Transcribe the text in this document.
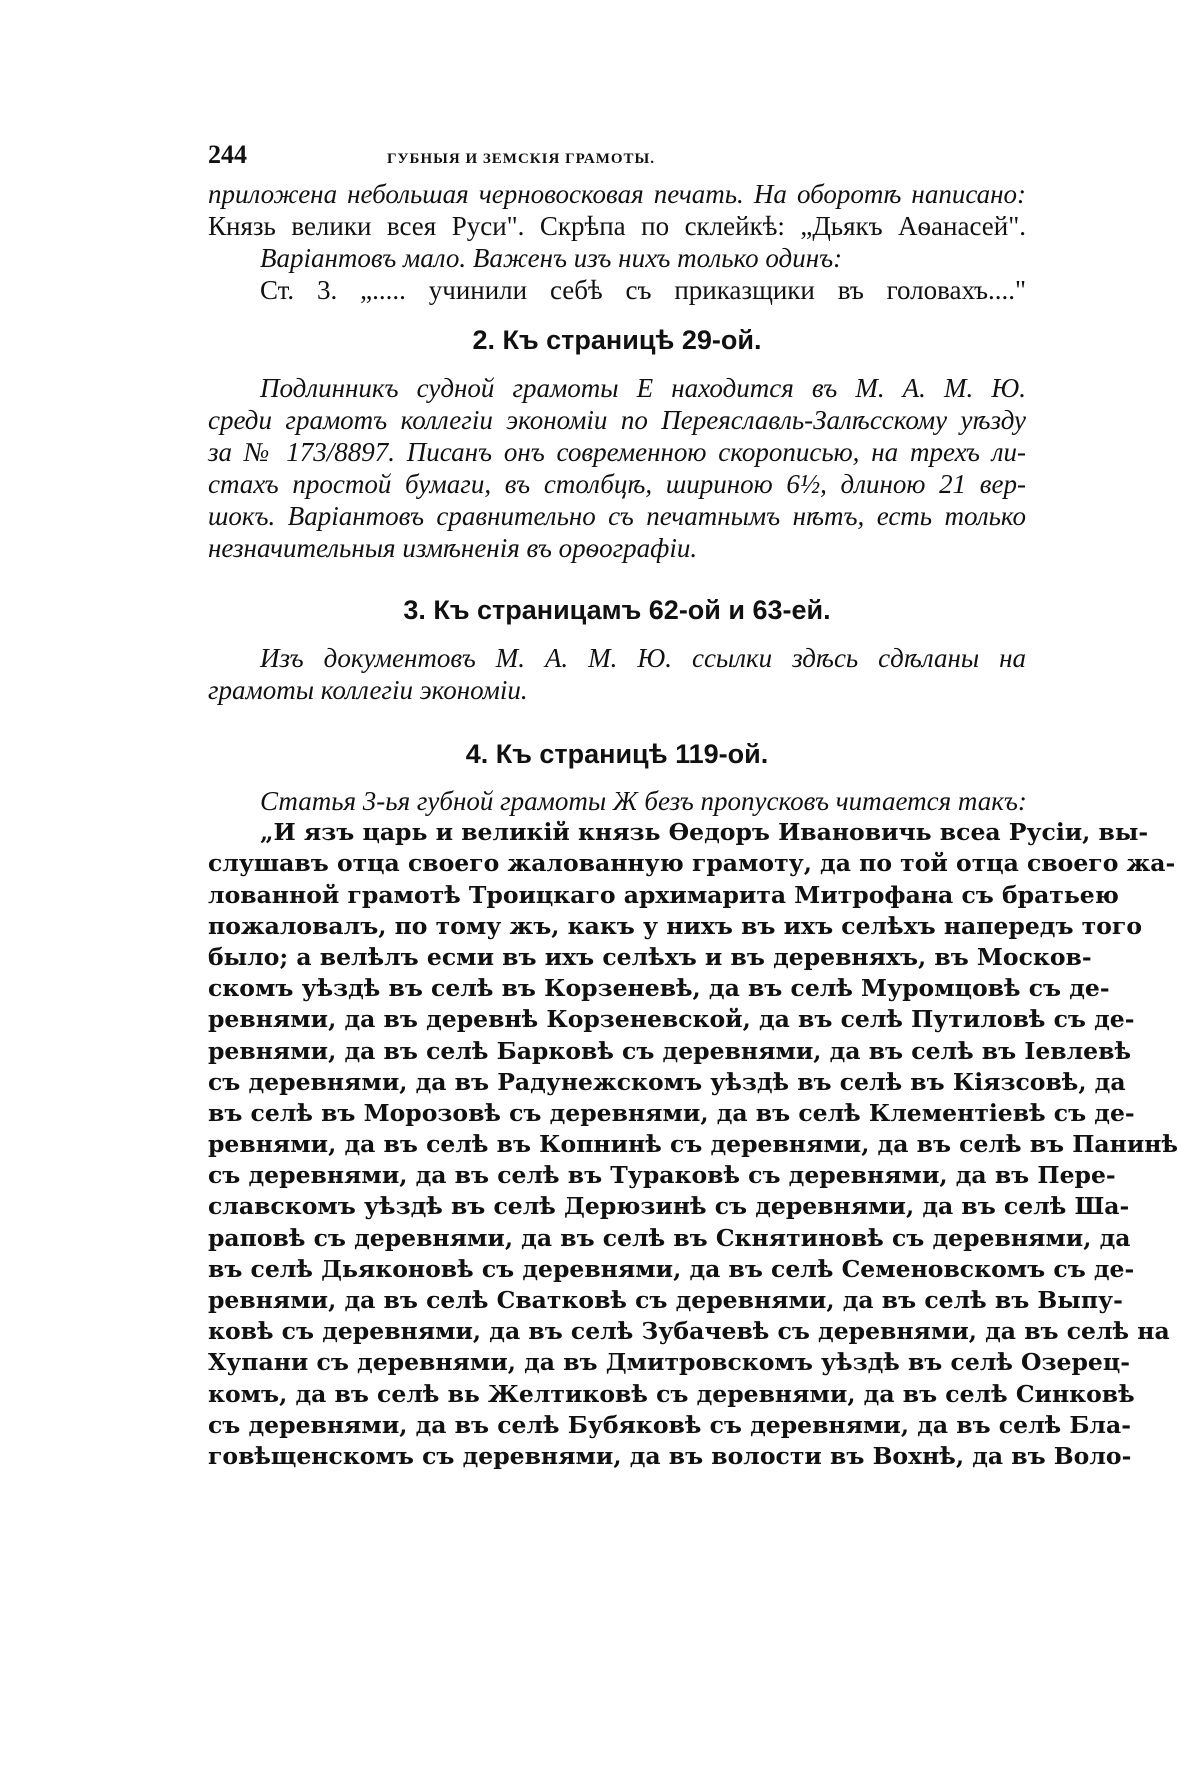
244	ГУБНЫЯ И ЗЕМСКІЯ ГРАМОТЫ.
приложена небольшая черновосковая печать. На оборотѣ написано:
Князь велики всея Руси". Скрѣпа по склейкѣ: „Дьякъ Аѳанасей".
Варіантовъ мало. Важенъ изъ нихъ только одинъ:
Ст. 3. „..... учинили себѣ съ приказщики въ головахъ...."
2. Къ страницѣ 29-ой.
Подлинникъ судной грамоты Е находится въ М. А. М. Ю.
среди грамотъ коллегіи экономіи по Переяславль-Залѣсскому уѣзду
за № 173/8897. Писанъ онъ современною скорописью, на трехъ ли-
стахъ простой бумаги, въ столбцѣ, шириною 6½, длиною 21 вер-
шокъ. Варіантовъ сравнительно съ печатнымъ нѣтъ, есть только
незначительныя измѣненія въ орѳографіи.
3. Къ страницамъ 62-ой и 63-ей.
Изъ документовъ М. А. М. Ю. ссылки здѣсь сдѣланы на
грамоты коллегіи экономіи.
4. Къ страницѣ 119-ой.
Статья 3-ья губной грамоты Ж безъ пропусковъ читается такъ:
„И язъ царь и великій князь Ѳедоръ Ивановичь всеа Русіи, вы-
слушавъ отца своего жалованную грамоту, да по той отца своего жа-
лованной грамотѣ Троицкаго архимарита Митрофана съ братьею
пожаловалъ, по тому жъ, какъ у нихъ въ ихъ селѣхъ напередъ того
было; а велѣлъ есми въ ихъ селѣхъ и въ деревняхъ, въ Москов-
скомъ уѣздѣ въ селѣ въ Корзеневѣ, да въ селѣ Муромцовѣ съ де-
ревнями, да въ деревнѣ Корзеневской, да въ селѣ Путиловѣ съ де-
ревнями, да въ селѣ Барковѣ съ деревнями, да въ селѣ въ Іевлевѣ
съ деревнями, да въ Радунежскомъ уѣздѣ въ селѣ въ Кіязсовѣ, да
въ селѣ въ Морозовѣ съ деревнями, да въ селѣ Клементіевѣ съ де-
ревнями, да въ селѣ въ Копнинѣ съ деревнями, да въ селѣ въ Панинѣ
съ деревнями, да въ селѣ въ Тураковѣ съ деревнями, да въ Пере-
славскомъ уѣздѣ въ селѣ Дерюзинѣ съ деревнями, да въ селѣ Ша-
раповѣ съ деревнями, да въ селѣ въ Скнятиновѣ съ деревнями, да
въ селѣ Дьяконовѣ съ деревнями, да въ селѣ Семеновскомъ съ де-
ревнями, да въ селѣ Сватковѣ съ деревнями, да въ селѣ въ Выпу-
ковѣ съ деревнями, да въ селѣ Зубачевѣ съ деревнями, да въ селѣ на
Хупани съ деревнями, да въ Дмитровскомъ уѣздѣ въ селѣ Озерец-
комъ, да въ селѣ вь Желтиковѣ съ деревнями, да въ селѣ Синковѣ
съ деревнями, да въ селѣ Бубяковѣ съ деревнями, да въ селѣ Бла-
говѣщенскомъ съ деревнями, да въ волости въ Вохнѣ, да въ Воло-
